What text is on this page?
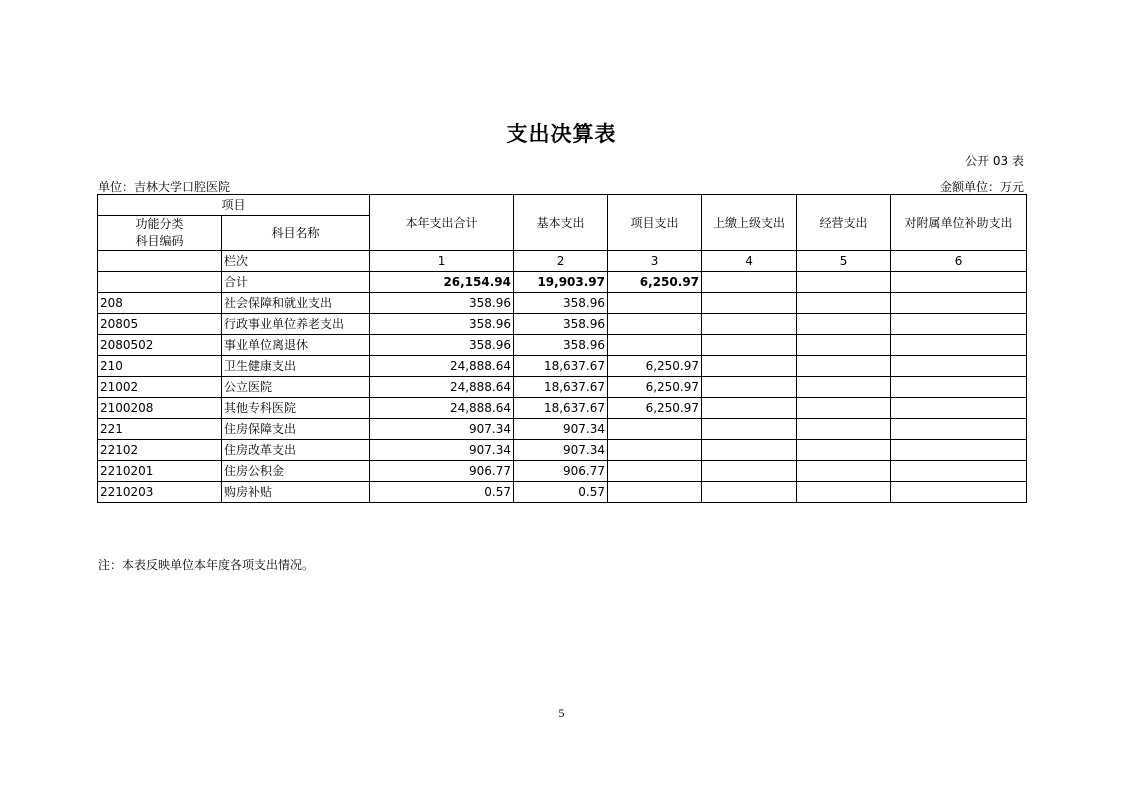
支出决算表
公开 03 表
单位：吉林大学口腔医院	金额单位：万元
项目		本年支出合计	基本支出	项目支出	上缴上级支出	经营支出	对附属单位补助支出

功能分类
科目编码	科目名称						
	栏次	1	2	3	4	5	6
	合计	26,154.94	19,903.97	6,250.97			
208	社会保障和就业支出	358.96	358.96				
20805	行政事业单位养老支出	358.96	358.96				
2080502	事业单位离退休	358.96	358.96				
210	卫生健康支出	24,888.64	18,637.67	6,250.97			
21002	公立医院	24,888.64	18,637.67	6,250.97			
2100208	其他专科医院	24,888.64	18,637.67	6,250.97			
221	住房保障支出	907.34	907.34				
22102	住房改革支出	907.34	907.34				
2210201	住房公积金	906.77	906.77				
2210203	购房补贴	0.57	0.57				
注：本表反映单位本年度各项支出情况。
5
